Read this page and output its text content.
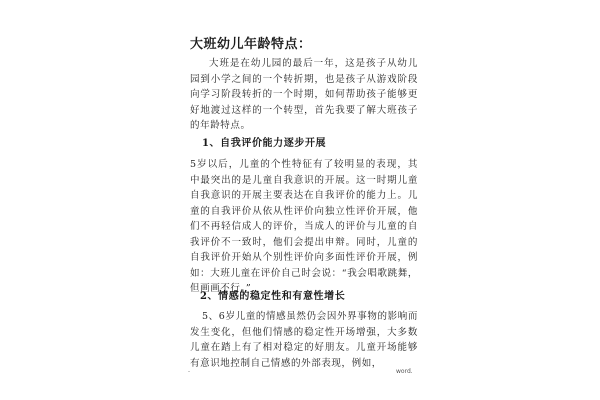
大班幼儿年龄特点：
大班是在幼儿园的最后一年，这是孩子从幼儿园到小学之间的一个转折期，也是孩子从游戏阶段向学习阶段转折的一个时期，如何帮助孩子能够更好地渡过这样的一个转型，首先我要了解大班孩子的年龄特点。
1、自我评价能力逐步开展
5岁以后，儿童的个性特征有了较明显的表现，其中最突出的是儿童自我意识的开展。这一时期儿童自我意识的开展主要表达在自我评价的能力上。儿童的自我评价从依从性评价向独立性评价开展，他们不再轻信成人的评价，当成人的评价与儿童的自我评价不一致时，他们会提出申辩。同时，儿童的自我评价开始从个别性评价向多面性评价开展，例如：大班儿童在评价自己时会说：“我会唱歌跳舞，但画画不行。”
2、情感的稳定性和有意性增长
5、6岁儿童的情感虽然仍会因外界事物的影响而发生变化，但他们情感的稳定性开场增强，大多数儿童在踏上有了相对稳定的好朋友。儿童开场能够有意识地控制自己情感的外部表现，例如，
-	word.
